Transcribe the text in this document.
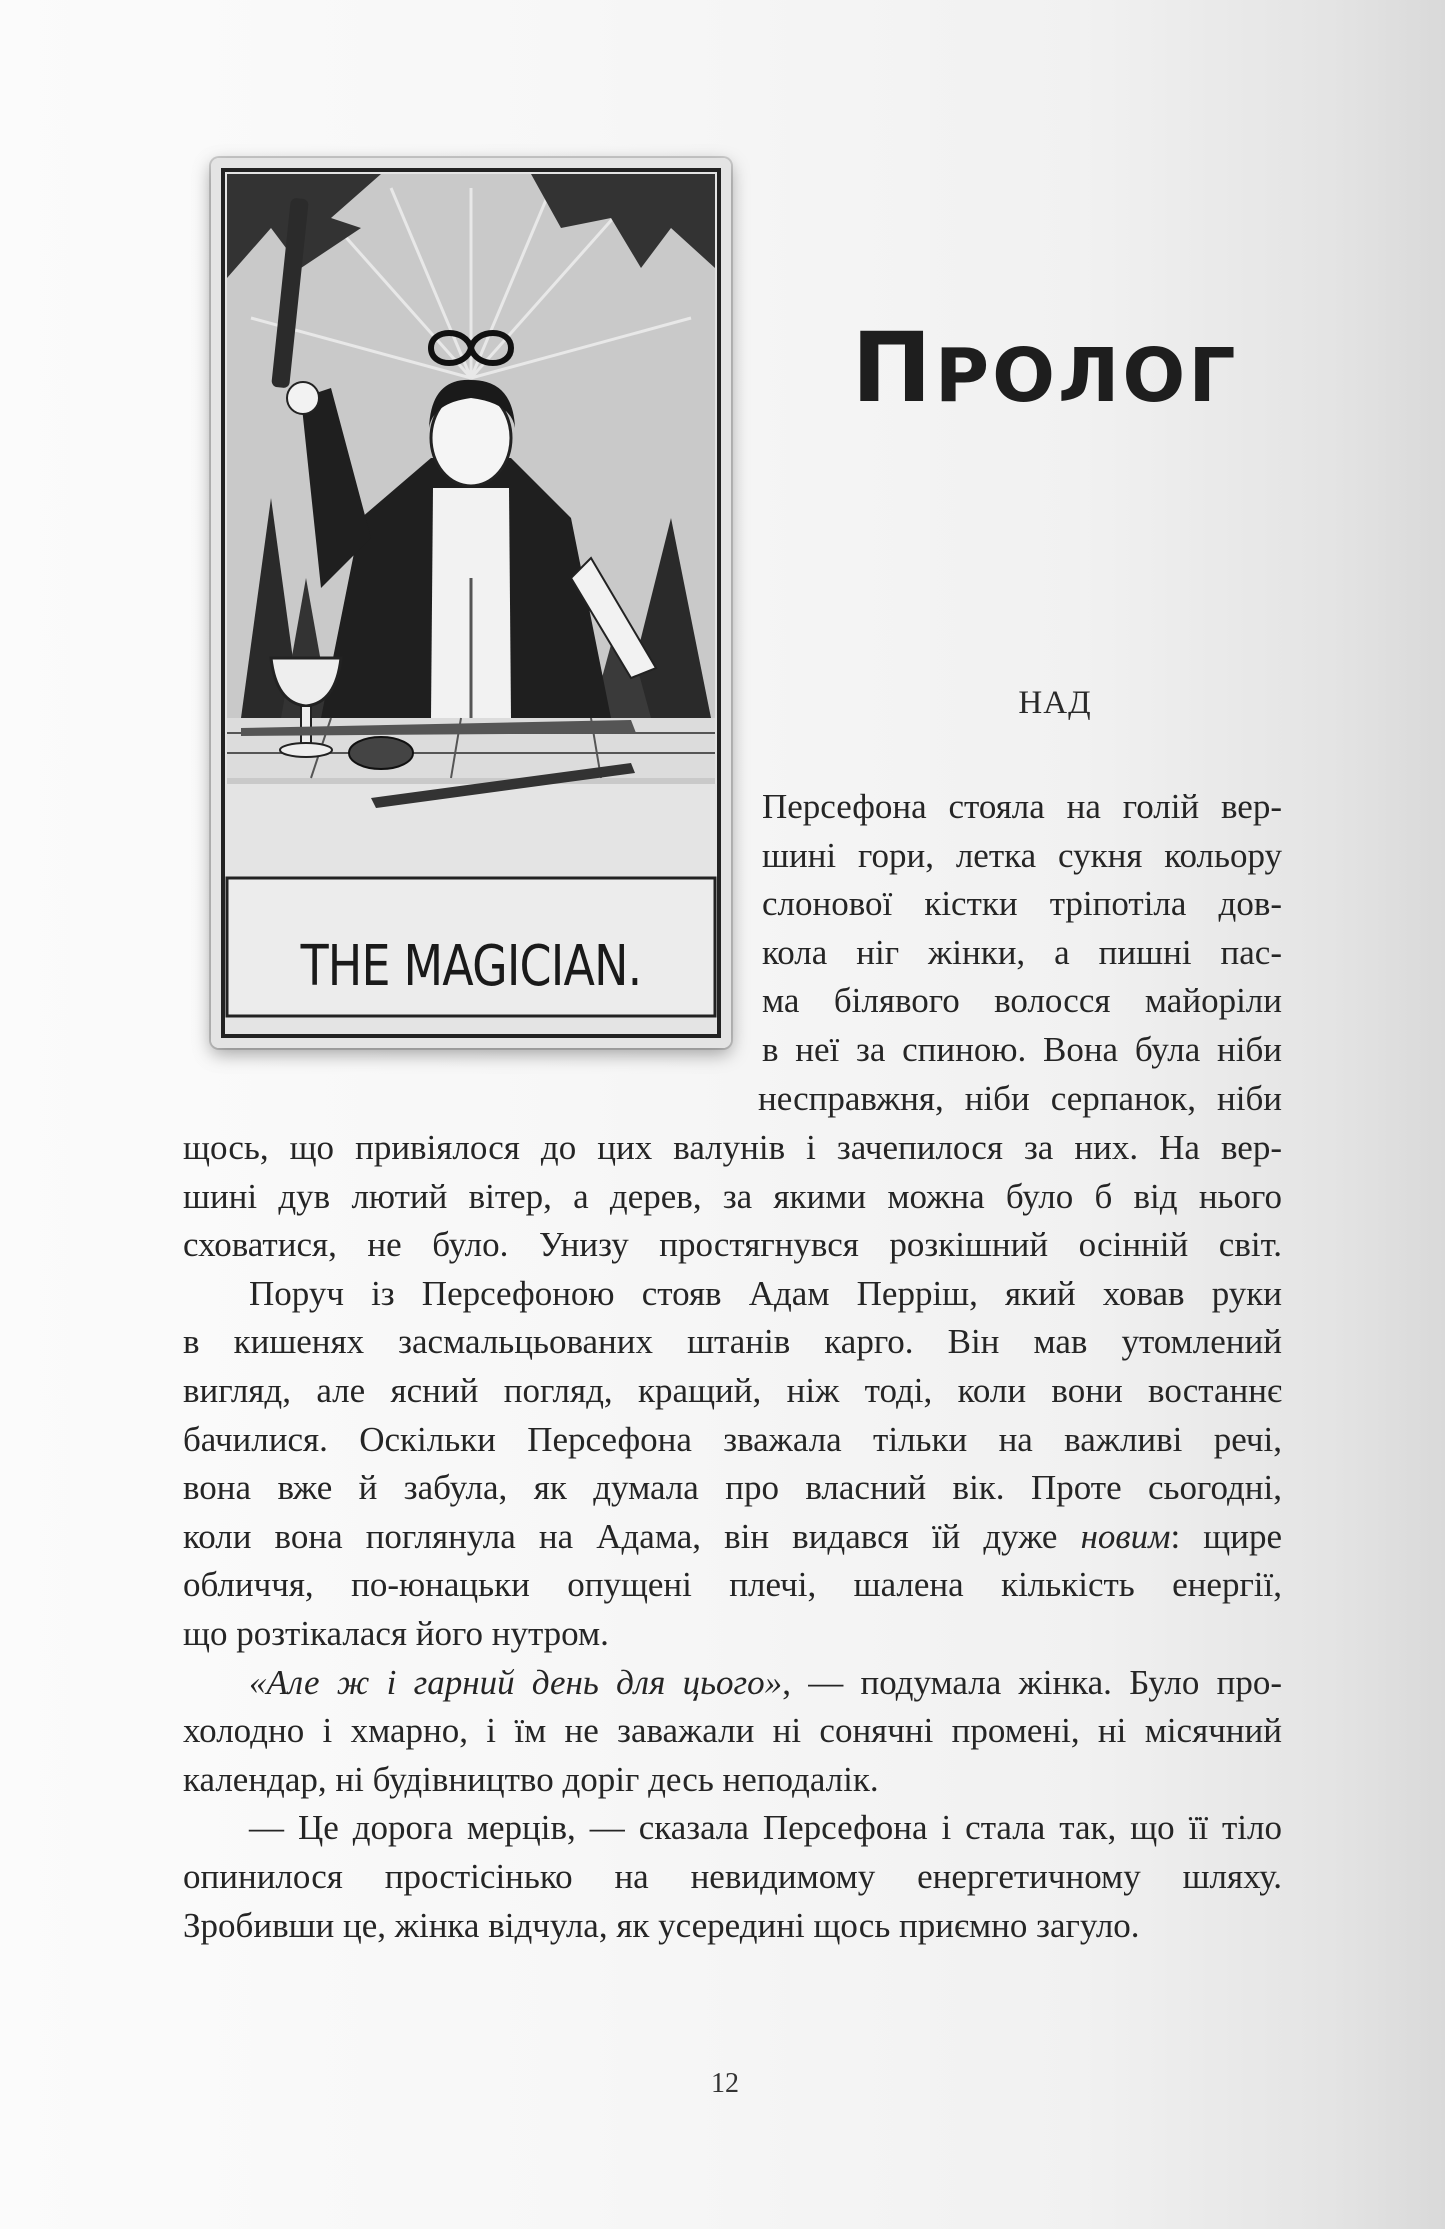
THE MAGICIAN.
ПРОЛОГ
НАД
Персефона стояла на голій вер-
шині гори, летка сукня кольору
слонової кістки тріпотіла дов-
кола ніг жінки, а пишні пас-
ма білявого волосся майоріли
в неї за спиною. Вона була ніби
несправжня, ніби серпанок, ніби
щось, що привіялося до цих валунів і зачепилося за них. На вер-
шині дув лютий вітер, а дерев, за якими можна було б від нього
сховатися, не було. Унизу простягнувся розкішний осінній світ.
Поруч із Персефоною стояв Адам Перріш, який ховав руки
в кишенях засмальцьованих штанів карго. Він мав утомлений
вигляд, але ясний погляд, кращий, ніж тоді, коли вони востаннє
бачилися. Оскільки Персефона зважала тільки на важливі речі,
вона вже й забула, як думала про власний вік. Проте сьогодні,
коли вона поглянула на Адама, він видався їй дуже новим: щире
обличчя, по-юнацьки опущені плечі, шалена кількість енергії,
що розтікалася його нутром.
«Але ж і гарний день для цього», — подумала жінка. Було про-
холодно і хмарно, і їм не заважали ні сонячні промені, ні місячний
календар, ні будівництво доріг десь неподалік.
— Це дорога мерців, — сказала Персефона і стала так, що її тіло
опинилося простісінько на невидимому енергетичному шляху.
Зробивши це, жінка відчула, як усередині щось приємно загуло.
12
